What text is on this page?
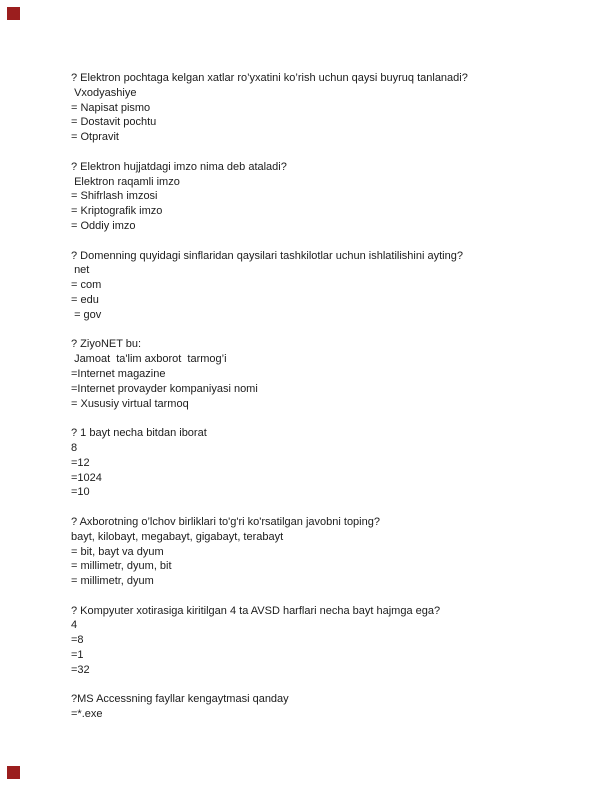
? Elektron pochtaga kelgan xatlar ro’yxatini ko’rish uchun qaysi buyruq tanlanadi?
Vxodyashiye
= Napisat pismo
= Dostavit pochtu
= Otpravit
? Elektron hujjatdagi imzo nima deb ataladi?
Elektron raqamli imzo
= Shifrlash imzosi
= Kriptografik imzo
= Oddiy imzo
? Domenning quyidagi sinflaridan qaysilari tashkilotlar uchun ishlatilishini ayting?
net
= com
= edu
= gov
? ZiyoNET bu:
Jamoat  ta'lim axborot  tarmog’i
=Internet magazine
=Internet provayder kompaniyasi nomi
= Xususiy virtual tarmoq
? 1 bayt necha bitdan iborat
8
=12
=1024
=10
? Axborotning o’lchov birliklari to'g'ri ko'rsatilgan javobni toping?
bayt, kilobayt, megabayt, gigabayt, terabayt
= bit, bayt va dyum
= millimetr, dyum, bit
= millimetr, dyum
? Kompyuter xotirasiga kiritilgan 4 ta AVSD harflari necha bayt hajmga ega?
4
=8
=1
=32
?MS Accessning fayllar kengaytmasi qanday
=*.exe
